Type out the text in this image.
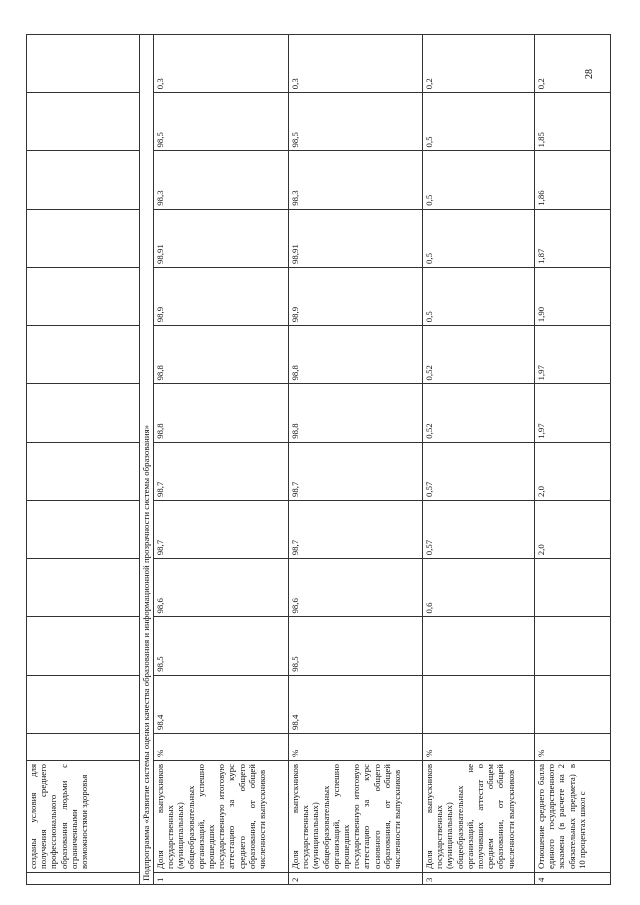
28
	созданы условия для получения среднего профессионального образования людьми с ограниченными возможностями здоровья													
Подпрограмма «Развитие системы оценки качества образования и информационной прозрачности системы образования»														
1	Доля выпускников государственных (муниципальных) общеобразовательных организаций, успешно прошедших государственную итоговую аттестацию за курс среднего общего образования, от общей численности выпускников	%	98,4	98,5	98,6	98,7	98,7	98,8	98,8	98,9	98,91	98,3	98,5	0,3
2	Доля выпускников государственных (муниципальных) общеобразовательных организаций, успешно прошедших государственную итоговую аттестацию за курс основного общего образования, от общей численности выпускников	%	98,4	98,5	98,6	98,7	98,7	98,8	98,8	98,9	98,91	98,3	98,5	0,3
3	Доля выпускников государственных (муниципальных) общеобразовательных организаций, не получивших аттестат о среднем общем образовании, от общей численности выпускников	%			0,6	0,57	0,57	0,52	0,52	0,5	0,5	0,5	0,5	0,2
4	Отношение среднего балла единого государственного экзамена (в расчете на 2 обязательных предмета) в 10 процентах школ с	%				2,0	2,0	1,97	1,97	1,90	1,87	1,86	1,85	0,2
